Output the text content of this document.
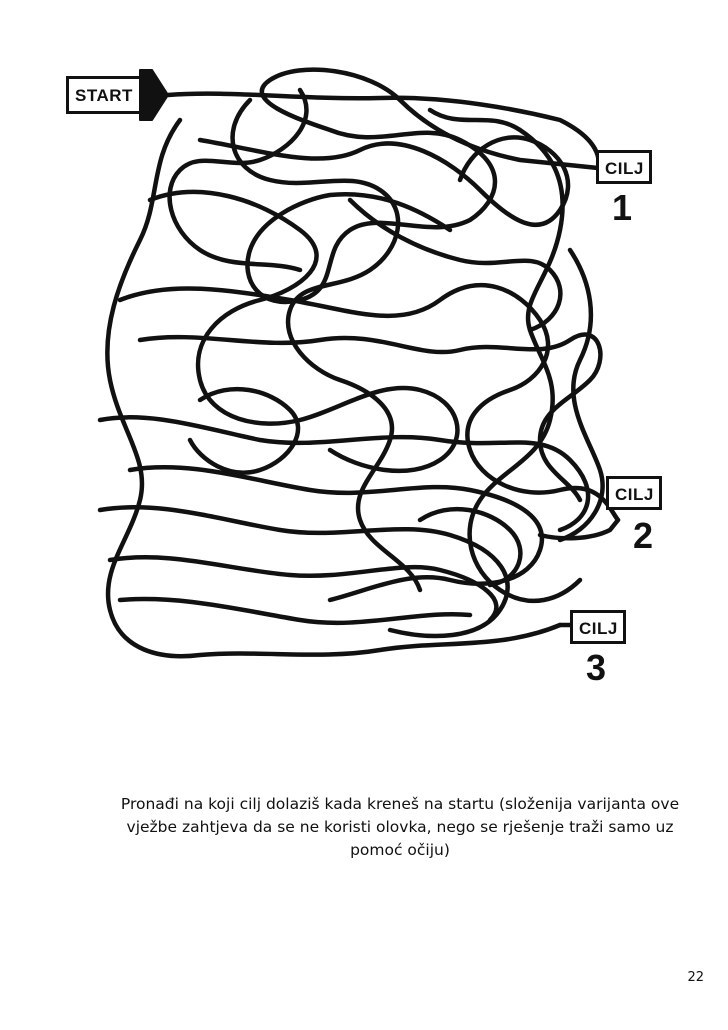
START
CILJ
1
CILJ
2
CILJ
3
Pronađi na koji cilj dolaziš kada kreneš na startu (složenija varijanta ove vježbe zahtjeva da se ne koristi olovka, nego se rješenje traži samo uz pomoć očiju)
22
